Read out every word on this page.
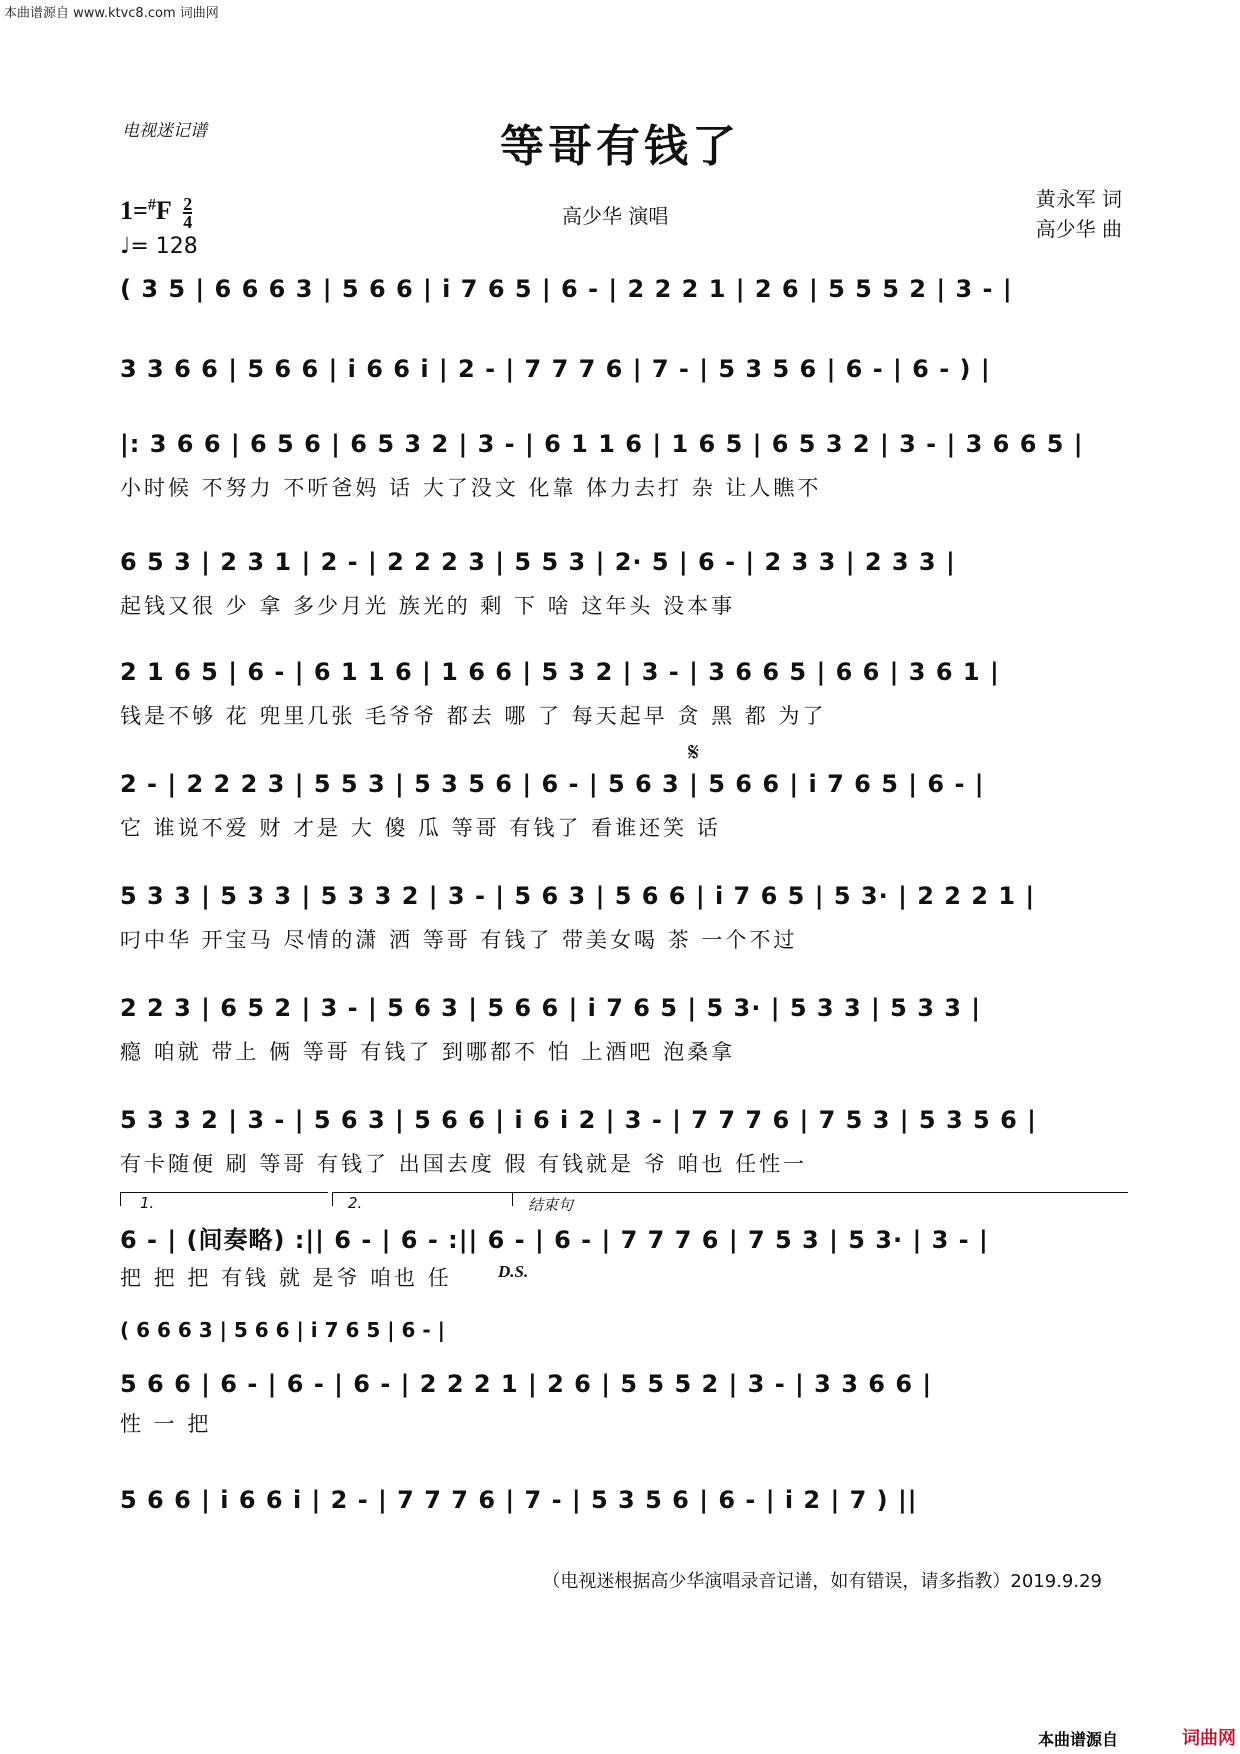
本曲谱源自 www.ktvc8.com 词曲网
电视迷记谱	等哥有钱了
$1=^{\#}F \frac{2}{4}$
♩= 128
高少华 演唱
黄永军 词
高少华 曲
( 3 5 | 6 6 6 3 | 5 6 6 | i 7 6 5 | 6 - | 2 2 2 1 | 2 6 | 5 5 5 2 | 3 - |
3 3 6 6 | 5 6 6 | i 6 6 i | 2 - | 7 7 7 6 | 7 - | 5 3 5 6 | 6 - | 6 - ) |
|: 3 6 6 | 6 5 6 | 6 5 3 2 | 3 - | 6 1 1 6 | 1 6 5 | 6 5 3 2 | 3 - | 3 6 6 5 |
小时候 不努力 不听爸妈 话 大了没文 化靠 体力去打 杂 让人瞧不
6 5 3 | 2 3 1 | 2 - | 2 2 2 3 | 5 5 3 | 2· 5 | 6 - | 2 3 3 | 2 3 3 |
起钱又很 少 拿 多少月光 族光的 剩 下 啥 这年头 没本事
2 1 6 5 | 6 - | 6 1 1 6 | 1 6 6 | 5 3 2 | 3 - | 3 6 6 5 | 6 6 | 3 6 1 |
钱是不够 花 兜里几张 毛爷爷 都去 哪 了 每天起早 贪 黑 都 为了
𝄋
2 - | 2 2 2 3 | 5 5 3 | 5 3 5 6 | 6 - | 5 6 3 | 5 6 6 | i 7 6 5 | 6 - |
它 谁说不爱 财 才是 大 傻 瓜 等哥 有钱了 看谁还笑 话
5 3 3 | 5 3 3 | 5 3 3 2 | 3 - | 5 6 3 | 5 6 6 | i 7 6 5 | 5 3· | 2 2 2 1 |
叼中华 开宝马 尽情的潇 洒 等哥 有钱了 带美女喝 茶 一个不过
2 2 3 | 6 5 2 | 3 - | 5 6 3 | 5 6 6 | i 7 6 5 | 5 3· | 5 3 3 | 5 3 3 |
瘾 咱就 带上 俩 等哥 有钱了 到哪都不 怕 上酒吧 泡桑拿
5 3 3 2 | 3 - | 5 6 3 | 5 6 6 | i 6 i 2 | 3 - | 7 7 7 6 | 7 5 3 | 5 3 5 6 |
有卡随便 刷 等哥 有钱了 出国去度 假 有钱就是 爷 咱也 任性一
1.	2.	结束句
6 - | (间奏略) :|| 6 - | 6 - :|| 6 - | 6 - | 7 7 7 6 | 7 5 3 | 5 3· | 3 - |
把 把 把 有钱 就 是爷 咱也 任	D.S.
( 6 6 6 3 | 5 6 6 | i 7 6 5 | 6 - |
5 6 6 | 6 - | 6 - | 6 - | 2 2 2 1 | 2 6 | 5 5 5 2 | 3 - | 3 3 6 6 |
性 一 把
5 6 6 | i 6 6 i | 2 - | 7 7 7 6 | 7 - | 5 3 5 6 | 6 - | i 2 | 7 ) ||
（电视迷根据高少华演唱录音记谱，如有错误，请多指教）2019.9.29
本曲谱源自	词曲网
